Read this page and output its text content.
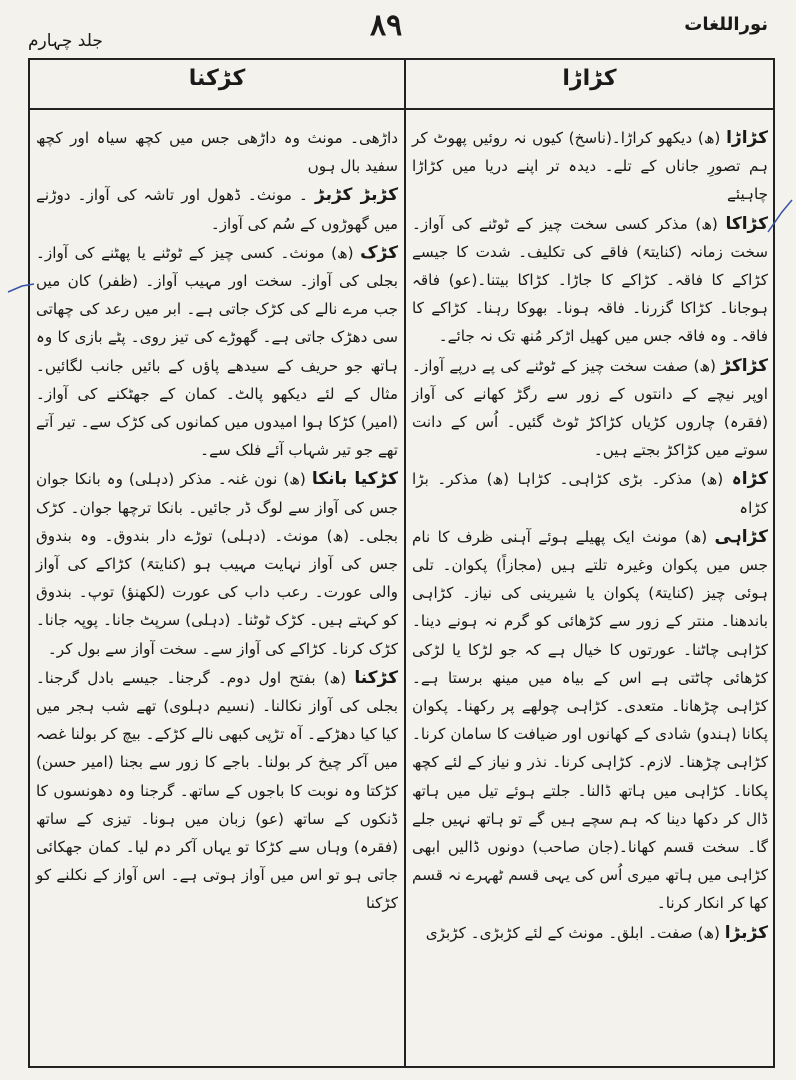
نوراللغات
٨٩
جلد چہارم
کڑاڑا
کڑکنا

کڑاڑا (ھ) دیکھو کراڑا۔(ناسخ) کیوں نہ روئیں پھوٹ کر ہم تصورِ جاناں کے تلے۔ دیدہ تر اپنے دریا میں کڑاڑا چاہیئے

کڑاکا (ھ) مذکر کسی سخت چیز کے ٹوٹنے کی آواز۔ سخت زمانہ (کنایتہً) فاقے کی تکلیف۔ شدت کا جیسے کڑاکے کا فاقہ۔ کڑاکے کا جاڑا۔ کڑاکا بیتنا۔(عو) فاقہ ہوجانا۔ کڑاکا گزرنا۔ فاقہ ہونا۔ بھوکا رہنا۔ کڑاکے کا فاقہ۔ وہ فاقہ جس میں کھیل اڑکر مُنھ تک نہ جائے۔

کڑاکڑ (ھ) صفت سخت چیز کے ٹوٹنے کی پے درپے آواز۔ اوپر نیچے کے دانتوں کے زور سے رگڑ کھانے کی آواز (فقرہ) چاروں کڑیاں کڑاکڑ ٹوٹ گئیں۔ اُس کے دانت سوتے میں کڑاکڑ بجتے ہیں۔

کڑاہ (ھ) مذکر۔ بڑی کڑاہی۔ کڑاہا (ھ) مذکر۔ بڑا کڑاہ

کڑاہی (ھ) مونث ایک پھیلے ہوئے آہنی ظرف کا نام جس میں پکوان وغیرہ تلتے ہیں (مجازاً) پکوان۔ تلی ہوئی چیز (کنایتہً) پکوان یا شیرینی کی نیاز۔ کڑاہی باندھنا۔ منتر کے زور سے کڑھائی کو گرم نہ ہونے دینا۔ کڑاہی چاٹنا۔ عورتوں کا خیال ہے کہ جو لڑکا یا لڑکی کڑھائی چاٹتی ہے اس کے بیاہ میں مینھ برستا ہے۔ کڑاہی چڑھانا۔ متعدی۔ کڑاہی چولھے پر رکھنا۔ پکوان پکانا (ہندو) شادی کے کھانوں اور ضیافت کا سامان کرنا۔ کڑاہی چڑھنا۔ لازم۔ کڑاہی کرنا۔ نذر و نیاز کے لئے کچھ پکانا۔ کڑاہی میں ہاتھ ڈالنا۔ جلتے ہوئے تیل میں ہاتھ ڈال کر دکھا دینا کہ ہم سچے ہیں گے تو ہاتھ نہیں جلے گا۔ سخت قسم کھانا۔(جان صاحب) دونوں ڈالیں ابھی کڑاہی میں ہاتھ میری اُس کی یہی قسم ٹھہرے نہ قسم کھا کر انکار کرنا۔

کڑبڑا (ھ) صفت۔ ابلق۔ مونث کے لئے کڑبڑی۔ کڑبڑی

داڑھی۔ مونث وہ داڑھی جس میں کچھ سیاہ اور کچھ سفید بال ہوں

کڑبڑ کڑبڑ ۔ مونث۔ ڈھول اور تاشہ کی آواز۔ دوڑنے میں گھوڑوں کے سُم کی آواز۔

کڑک (ھ) مونث۔ کسی چیز کے ٹوٹنے یا پھٹنے کی آواز۔ بجلی کی آواز۔ سخت اور مہیب آواز۔ (ظفر) کان میں جب مرے نالے کی کڑک جاتی ہے۔ ابر میں رعد کی چھاتی سی دھڑک جاتی ہے۔ گھوڑے کی تیز روی۔ پٹے بازی کا وہ ہاتھ جو حریف کے سیدھے پاؤں کے بائیں جانب لگائیں۔ مثال کے لئے دیکھو پالٹ۔ کمان کے جھٹکنے کی آواز۔ (امیر) کڑکا ہوا امیدوں میں کمانوں کی کڑک سے۔ تیر آتے تھے جو تیر شہاب آئے فلک سے۔

کڑکیا بانکا (ھ) نون غنہ۔ مذکر (دہلی) وہ بانکا جوان جس کی آواز سے لوگ ڈر جائیں۔ بانکا ترچھا جوان۔ کڑک بجلی۔ (ھ) مونث۔ (دہلی) توڑے دار بندوق۔ وہ بندوق جس کی آواز نہایت مہیب ہو (کنایتہً) کڑاکے کی آواز والی عورت۔ رعب داب کی عورت (لکھنؤ) توپ۔ بندوق کو کہتے ہیں۔ کڑک ٹوٹنا۔ (دہلی) سرپٹ جانا۔ پوپہ جانا۔ کڑک کرنا۔ کڑاکے کی آواز سے۔ سخت آواز سے بول کر۔

کڑکنا (ھ) بفتح اول دوم۔ گرجنا۔ جیسے بادل گرجنا۔ بجلی کی آواز نکالنا۔ (نسیم دہلوی) تھے شب ہجر میں کیا کیا دھڑکے۔ آہ تڑپی کبھی نالے کڑکے۔ بیچ کر بولنا غصہ میں آکر چیخ کر بولنا۔ باجے کا زور سے بجنا (امیر حسن) کڑکتا وہ نوبت کا باجوں کے ساتھ۔ گرجنا وہ دھونسوں کا ڈنکوں کے ساتھ (عو) زبان میں ہونا۔ تیزی کے ساتھ (فقرہ) وہاں سے کڑکا تو یہاں آکر دم لیا۔ کمان جھکائی جاتی ہو تو اس میں آواز ہوتی ہے۔ اس آواز کے نکلنے کو کڑکنا
